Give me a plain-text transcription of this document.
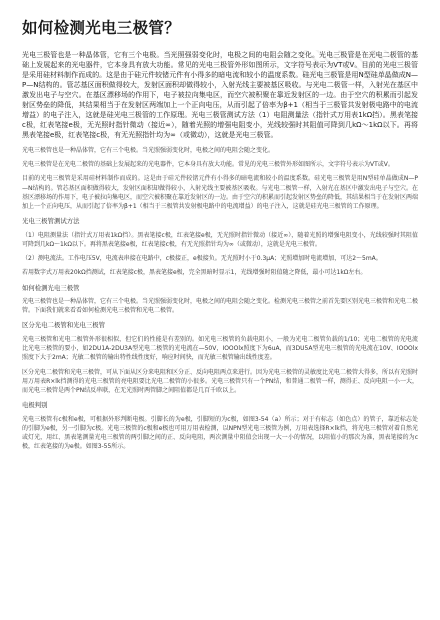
如何检测光电三极管？

光电三极管也是一种晶体管，它有三个电极。当光照强弱变化时，电极之间的电阻会随之变化。光电三极管是在光电二极管的基础上发展起来的光电器件，它本身具有放大功能。常见的光电三极管外形如图所示，文字符号表示为VT或V。目前的光电三极管是采用硅材料制作而成的。这是由于硅元件较锗元件有小得多的暗电流和较小的温度系数。硅光电三极管是用N型硅单晶做成N—P—N结构的。管芯基区面积做得较大，发射区面积却做得较小，入射光线主要被基区吸收。与光电二极管一样，入射光在基区中激发出电子与空穴。在基区漂移场的作用下，电子被拉向集电区，而空穴被积聚在靠近发射区的一边。由于空穴的积累而引起发射区势垒的降低，其结果相当于在发射区两端加上一个正向电压，从而引起了倍率为β+1（相当于三极管共发射极电路中的电流增益）的电子注入，这就是硅光电三极管的工作原理。光电三极管测试方法（1）电阻测量法（指针式万用表1kΩ挡）。黑表笔接c极，红表笔接e极，无光照时指针微动（接近∞），随着光照的增强电阻变小，光线较强时其阻值可降到几kΩ～1kΩ以下。再将黑表笔接e极，红表笔接c极，有无光照指针均为∞（或微动），这就是光电三极管。

光电三极管也是一种晶体管，它有三个电极。当光照强弱变化时，电极之间的电阻会随之变化。

光电三极管是在光电二极管的基础上发展起来的光电器件，它本身具有放大功能。常见的光电三极管外形如图所示，文字符号表示为VT或V。

目前的光电三极管是采用硅材料制作而成的。这是由于硅元件较锗元件有小得多的暗电流和较小的温度系数。硅光电三极管是用N型硅单晶做成N—P—N结构的。管芯基区面积做得较大，发射区面积却做得较小，入射光线主要被基区吸收。与光电二极管一样，入射光在基区中激发出电子与空穴。在基区漂移场的作用下，电子被拉向集电区，而空穴被积聚在靠近发射区的一边。由于空穴的积累而引起发射区势垒的降低，其结果相当于在发射区两端加上一个正向电压，从而引起了倍率为β+1（相当于三极管共发射极电路中的电流增益）的电子注入，这就是硅光电三极管的工作原理。

光电三极管测试方法

（1）电阻测量法（指针式万用表1kΩ挡）。黑表笔接c极，红表笔接e极，无光照时指针微动（接近∞），随着光照的增强电阻变小，光线较强时其阻值可降到几kΩ～1kΩ以下。再将黑表笔接e极，红表笔接c极，有无光照指针均为∞（或微动），这就是光电三极管。

（2）测电流法。工作电压5V，电流表串接在电路中，c极接正，e极接负。无光照时小于0.3μA；光照增加时电流增加，可达2～5mA。

若用数字式万用表20kΩ挡测试，红表笔接c极，黑表笔接e极，完全黑暗时显示1，光线增强时阻值随之降低，最小可达1kΩ左右。

如何检测光电三极管

光电三极管也是一种晶体管，它有三个电极。当光照强弱变化时，电极之间的电阻会随之变化。检测光电三极管之前首先要区别光电三极管和光电二极管。下面我们就来看看如何检测光电三极管和光电二极管。

区分光电二极管和光电三极管

光电三极管和光电二极管外形很相似，但它们的性能是有差别的。如光电三极管的负载电阻小，一般为光电二极管负载的1/10；光电二极管的光电流比光电三极管的要小，如2DU1A-2DU3A型光电二极管的光电流在—50V，IOOOlx照度下为6uA，而3DU5A型光电三极管的光电流在10V、IOOOlx照度下大于2mA；光敏二极管的输出特性线性度好，响应时间快，而光敏三极管输出线性度差。

区分光电二极管和光电三极管，可从下面从区分来电阻和区分正、反向电阻两点来进行。因为光电三极管的灵敏度比光电二极管大得多，所以有光照时用万用表R×lk挡测得的光电三极管的亮电阻要比光电二极管的小很多。光电三极管只有一个PN结，和普通二极管一样，测得正、反向电阻一小一大，而光电三极管是两个PN结反串联，在无光照时两管脚之间阻值都是几百千欧以上。

电极判别

光电三极管有c极和e极，可根据外形判断电极。引脚长的为e极，引脚短的为c极，如图3-54（a）所示；对于有标志（如色点）的管子，靠近标志处的引脚为e极，另一引脚为c极。光电三极管的c极和e极也可用万用表检测，以NPN型光电三极管为例，万用表选择R×lk挡，将光电三极管对着自然光或灯光，用红、黑表笔测量光电三极管的两引脚之间的正、反向电阻，两次测量中阻值会出现一大一小的情况，以阻值小的那次为准，黑表笔接的为c极，红表笔接的为e极。如图3-55所示。
